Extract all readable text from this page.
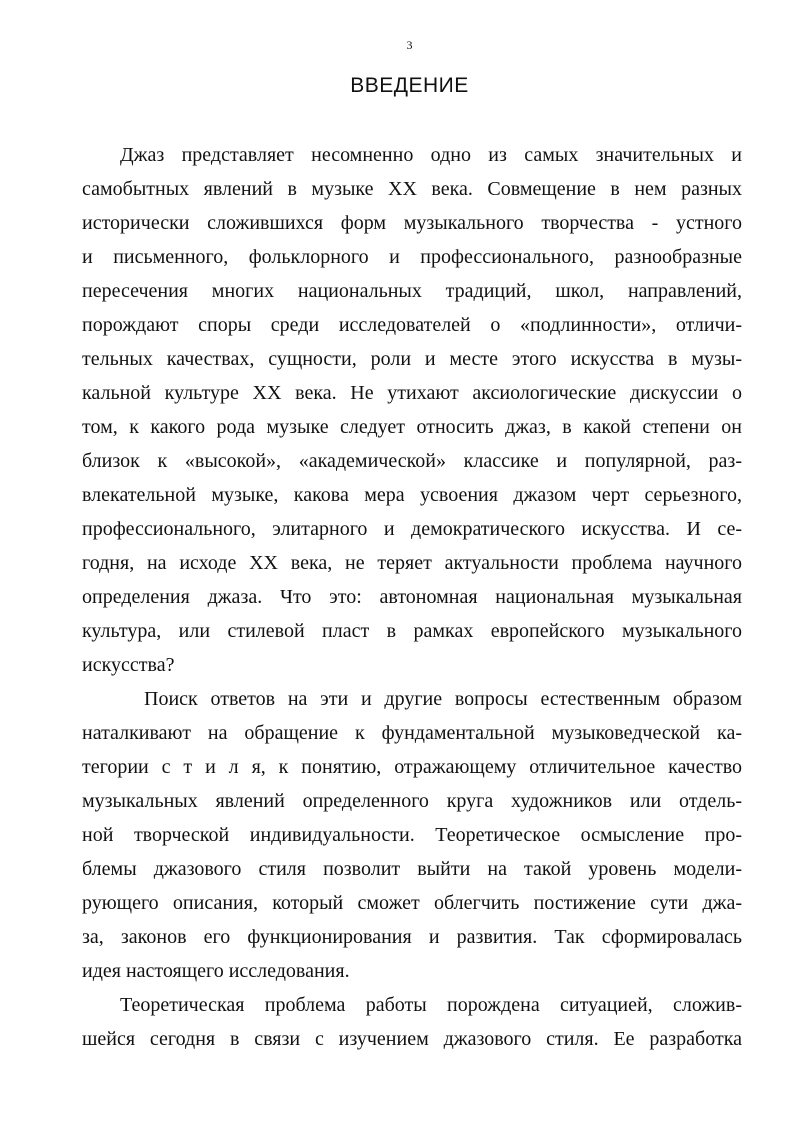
3
ВВЕДЕНИЕ
Джаз представляет несомненно одно из самых значительных и
самобытных явлений в музыке XX века. Совмещение в нем разных
исторически сложившихся форм музыкального творчества - устного
и письменного, фольклорного и профессионального, разнообразные
пересечения многих национальных традиций, школ, направлений,
порождают споры среди исследователей о «подлинности», отличи-
тельных качествах, сущности, роли и месте этого искусства в музы-
кальной культуре XX века. Не утихают аксиологические дискуссии о
том, к какого рода музыке следует относить джаз, в какой степени он
близок к «высокой», «академической» классике и популярной, раз-
влекательной музыке, какова мера усвоения джазом черт серьезного,
профессионального, элитарного и демократического искусства. И се-
годня, на исходе XX века, не теряет актуальности проблема научного
определения джаза. Что это: автономная национальная музыкальная
культура, или стилевой пласт в рамках европейского музыкального
искусства?
Поиск ответов на эти и другие вопросы естественным образом
наталкивают на обращение к фундаментальной музыковедческой ка-
тегории с т и л я, к понятию, отражающему отличительное качество
музыкальных явлений определенного круга художников или отдель-
ной творческой индивидуальности. Теоретическое осмысление про-
блемы джазового стиля позволит выйти на такой уровень модели-
рующего описания, который сможет облегчить постижение сути джа-
за, законов его функционирования и развития. Так сформировалась
идея настоящего исследования.
Теоретическая проблема работы порождена ситуацией, сложив-
шейся сегодня в связи с изучением джазового стиля. Ее разработка
